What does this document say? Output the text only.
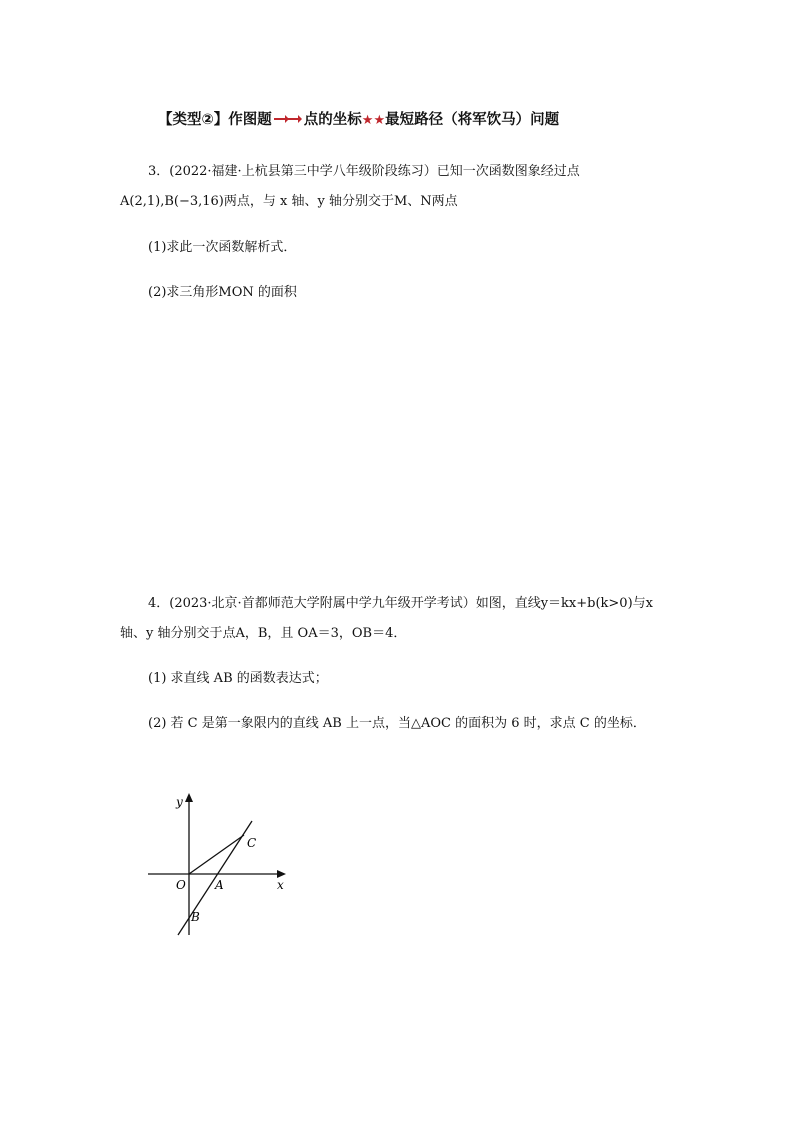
【类型②】作图题 点的坐标★★最短路径（将军饮马）问题
3．(2022·福建·上杭县第三中学八年级阶段练习）已知一次函数图象经过点
A(2,1),B(−3,16)两点，与 x 轴、y 轴分别交于M、N两点
(1)求此一次函数解析式．
(2)求三角形MON 的面积
4．(2023·北京·首都师范大学附属中学九年级开学考试）如图，直线y＝kx+b(k>0)与x
轴、y 轴分别交于点A，B，且 OA＝3，OB＝4．
(1) 求直线 AB 的函数表达式；
(2) 若 C 是第一象限内的直线 AB 上一点，当△AOC 的面积为 6 时，求点 C 的坐标．
y
x
O A
B
C
